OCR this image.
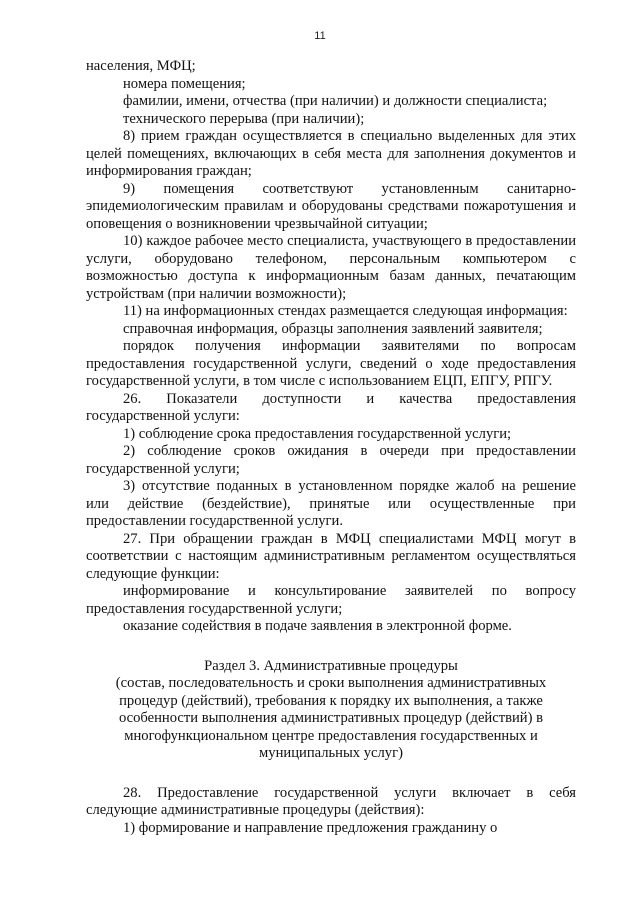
11

населения, МФЦ;

номера помещения;

фамилии, имени, отчества (при наличии) и должности специалиста;

технического перерыва (при наличии);

8) прием граждан осуществляется в специально выделенных для этих целей помещениях, включающих в себя места для заполнения документов и информирования граждан;

9) помещения соответствуют установленным санитарно-эпидемиологическим правилам и оборудованы средствами пожаротушения и оповещения о возникновении чрезвычайной ситуации;

10) каждое рабочее место специалиста, участвующего в предоставлении услуги, оборудовано телефоном, персональным компьютером с возможностью доступа к информационным базам данных, печатающим устройствам (при наличии возможности);

11) на информационных стендах размещается следующая информация:

справочная информация, образцы заполнения заявлений заявителя;

порядок получения информации заявителями по вопросам предоставления государственной услуги, сведений о ходе предоставления государственной услуги, в том числе с использованием ЕЦП, ЕПГУ, РПГУ.

26. Показатели доступности и качества предоставления государственной услуги:

1) соблюдение срока предоставления государственной услуги;

2) соблюдение сроков ожидания в очереди при предоставлении государственной услуги;

3) отсутствие поданных в установленном порядке жалоб на решение или действие (бездействие), принятые или осуществленные при предоставлении государственной услуги.

27. При обращении граждан в МФЦ специалистами МФЦ могут в соответствии с настоящим административным регламентом осуществляться следующие функции:

информирование и консультирование заявителей по вопросу предоставления государственной услуги;

оказание содействия в подаче заявления в электронной форме.

Раздел 3. Административные процедуры

(состав, последовательность и сроки выполнения административных процедур (действий), требования к порядку их выполнения, а также особенности выполнения административных процедур (действий) в многофункциональном центре предоставления государственных и муниципальных услуг)

28. Предоставление государственной услуги включает в себя следующие административные процедуры (действия):

1) формирование и направление предложения гражданину о
